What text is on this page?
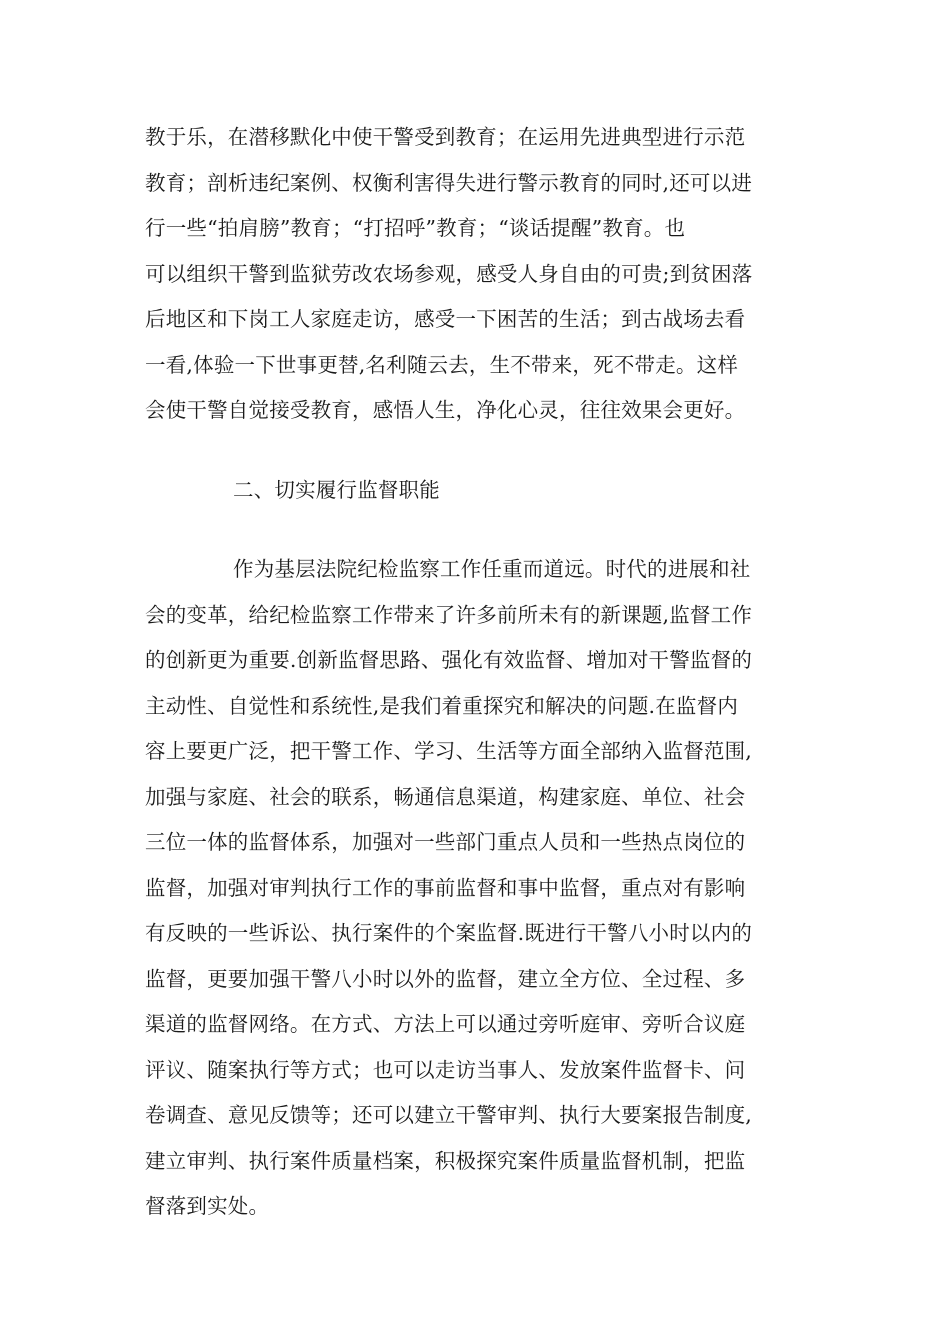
教于乐，在潜移默化中使干警受到教育；在运用先进典型进行示范
教育；剖析违纪案例、权衡利害得失进行警示教育的同时,还可以进
行一些“拍肩膀”教育；“打招呼”教育；“谈话提醒”教育。也
可以组织干警到监狱劳改农场参观，感受人身自由的可贵;到贫困落
后地区和下岗工人家庭走访，感受一下困苦的生活；到古战场去看
一看,体验一下世事更替,名利随云去，生不带来，死不带走。这样
会使干警自觉接受教育，感悟人生，净化心灵，往往效果会更好。
二、切实履行监督职能
作为基层法院纪检监察工作任重而道远。时代的进展和社
会的变革，给纪检监察工作带来了许多前所未有的新课题,监督工作
的创新更为重要.创新监督思路、强化有效监督、增加对干警监督的
主动性、自觉性和系统性,是我们着重探究和解决的问题.在监督内
容上要更广泛，把干警工作、学习、生活等方面全部纳入监督范围,
加强与家庭、社会的联系，畅通信息渠道，构建家庭、单位、社会
三位一体的监督体系，加强对一些部门重点人员和一些热点岗位的
监督，加强对审判执行工作的事前监督和事中监督，重点对有影响
有反映的一些诉讼、执行案件的个案监督.既进行干警八小时以内的
监督，更要加强干警八小时以外的监督，建立全方位、全过程、多
渠道的监督网络。在方式、方法上可以通过旁听庭审、旁听合议庭
评议、随案执行等方式；也可以走访当事人、发放案件监督卡、问
卷调查、意见反馈等；还可以建立干警审判、执行大要案报告制度,
建立审判、执行案件质量档案，积极探究案件质量监督机制，把监
督落到实处。
